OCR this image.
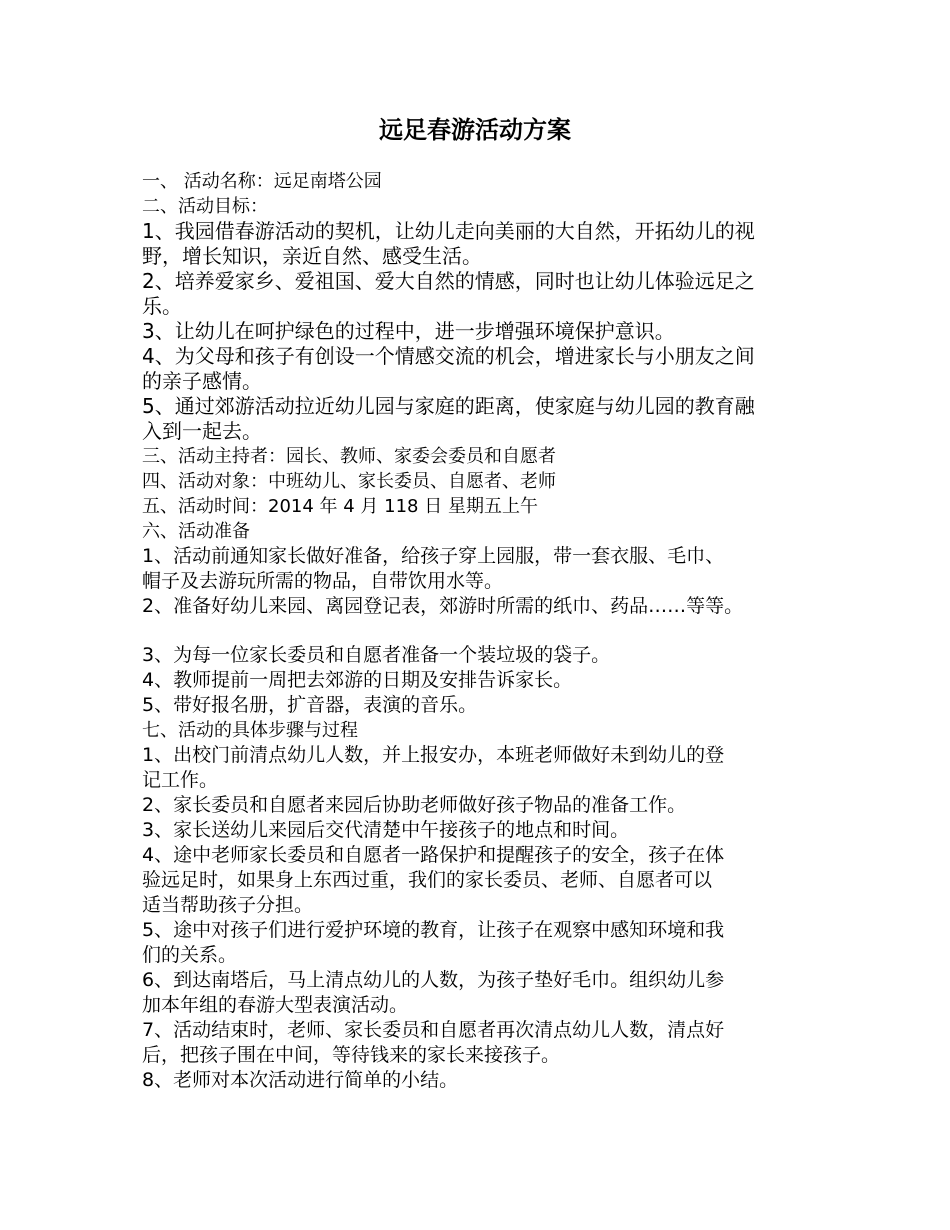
远足春游活动方案

一、 活动名称：远足南塔公园

二、活动目标：

1、我园借春游活动的契机，让幼儿走向美丽的大自然，开拓幼儿的视

野，增长知识，亲近自然、感受生活。

2、培养爱家乡、爱祖国、爱大自然的情感，同时也让幼儿体验远足之

乐。

3、让幼儿在呵护绿色的过程中，进一步增强环境保护意识。

4、为父母和孩子有创设一个情感交流的机会，增进家长与小朋友之间

的亲子感情。

5、通过郊游活动拉近幼儿园与家庭的距离，使家庭与幼儿园的教育融

入到一起去。

三、活动主持者：园长、教师、家委会委员和自愿者

四、活动对象：中班幼儿、家长委员、自愿者、老师

五、活动时间：2014 年 4 月 118 日 星期五上午

六、活动准备

1、活动前通知家长做好准备，给孩子穿上园服，带一套衣服、毛巾、

帽子及去游玩所需的物品，自带饮用水等。

2、准备好幼儿来园、离园登记表，郊游时所需的纸巾、药品……等等。

3、为每一位家长委员和自愿者准备一个装垃圾的袋子。

4、教师提前一周把去郊游的日期及安排告诉家长。

5、带好报名册，扩音器，表演的音乐。

七、活动的具体步骤与过程

1、出校门前清点幼儿人数，并上报安办，本班老师做好未到幼儿的登

记工作。

2、家长委员和自愿者来园后协助老师做好孩子物品的准备工作。

3、家长送幼儿来园后交代清楚中午接孩子的地点和时间。

4、途中老师家长委员和自愿者一路保护和提醒孩子的安全，孩子在体

验远足时，如果身上东西过重，我们的家长委员、老师、自愿者可以

适当帮助孩子分担。

5、途中对孩子们进行爱护环境的教育，让孩子在观察中感知环境和我

们的关系。

6、到达南塔后，马上清点幼儿的人数，为孩子垫好毛巾。组织幼儿参

加本年组的春游大型表演活动。

7、活动结束时，老师、家长委员和自愿者再次清点幼儿人数，清点好

后，把孩子围在中间，等待钱来的家长来接孩子。

8、老师对本次活动进行简单的小结。
